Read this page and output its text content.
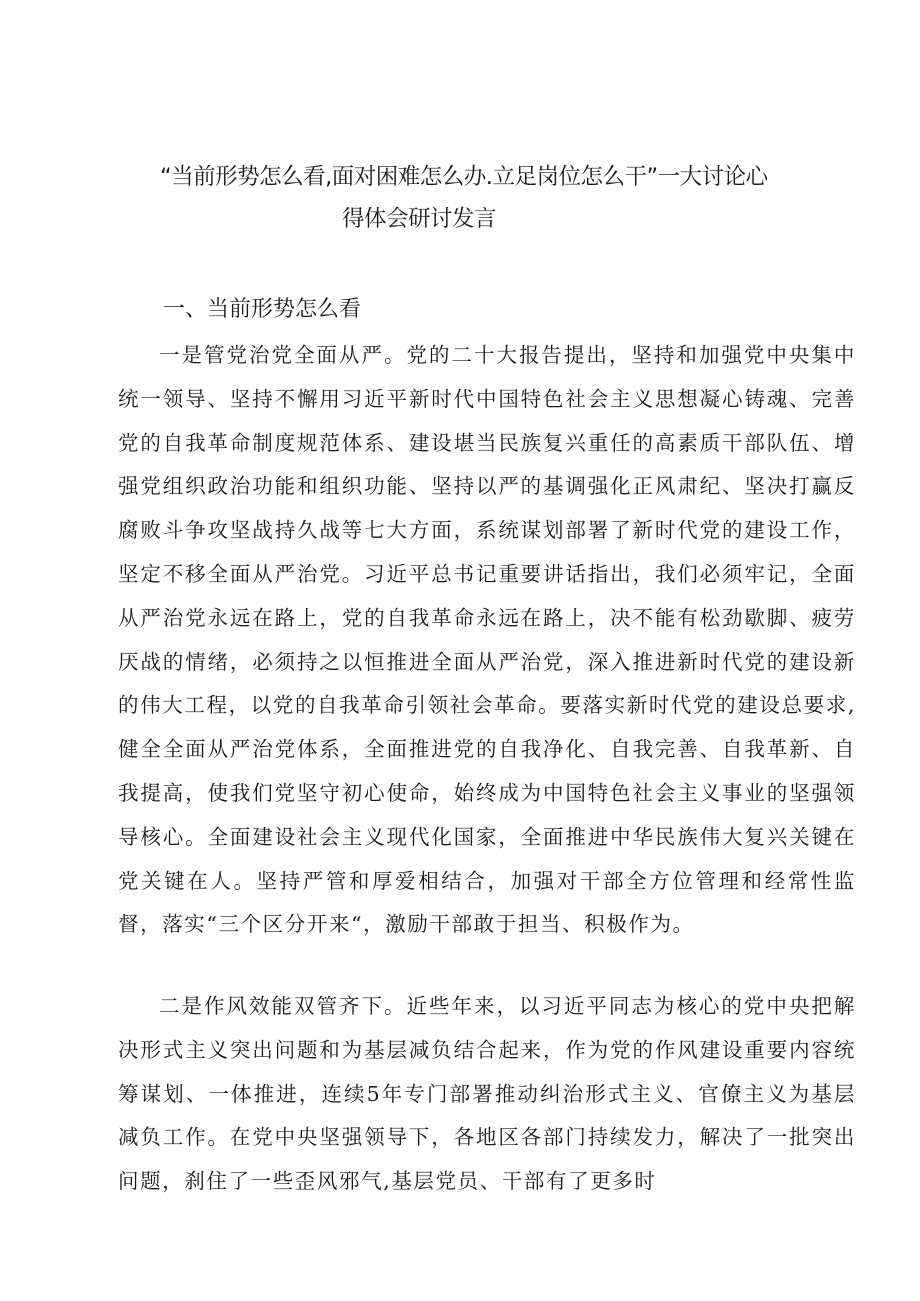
“当前形势怎么看,面对困难怎么办.立足岗位怎么干”一大讨论心
得体会研讨发言
一、当前形势怎么看

一是管党治党全面从严。党的二十大报告提出，坚持和加强党中央集中统一领导、坚持不懈用习近平新时代中国特色社会主义思想凝心铸魂、完善党的自我革命制度规范体系、建设堪当民族复兴重任的高素质干部队伍、增强党组织政治功能和组织功能、坚持以严的基调强化正风肃纪、坚决打赢反腐败斗争攻坚战持久战等七大方面，系统谋划部署了新时代党的建设工作，坚定不移全面从严治党。习近平总书记重要讲话指出，我们必须牢记，全面从严治党永远在路上，党的自我革命永远在路上，决不能有松劲歇脚、疲劳厌战的情绪，必须持之以恒推进全面从严治党，深入推进新时代党的建设新的伟大工程，以党的自我革命引领社会革命。要落实新时代党的建设总要求,健全全面从严治党体系，全面推进党的自我净化、自我完善、自我革新、自我提高，使我们党坚守初心使命，始终成为中国特色社会主义事业的坚强领导核心。全面建设社会主义现代化国家，全面推进中华民族伟大复兴关键在党关键在人。坚持严管和厚爱相结合，加强对干部全方位管理和经常性监督，落实“三个区分开来“，激励干部敢于担当、积极作为。

二是作风效能双管齐下。近些年来，以习近平同志为核心的党中央把解决形式主义突出问题和为基层减负结合起来，作为党的作风建设重要内容统筹谋划、一体推进，连续5年专门部署推动纠治形式主义、官僚主义为基层减负工作。在党中央坚强领导下，各地区各部门持续发力，解决了一批突出问题，刹住了一些歪风邪气,基层党员、干部有了更多时
